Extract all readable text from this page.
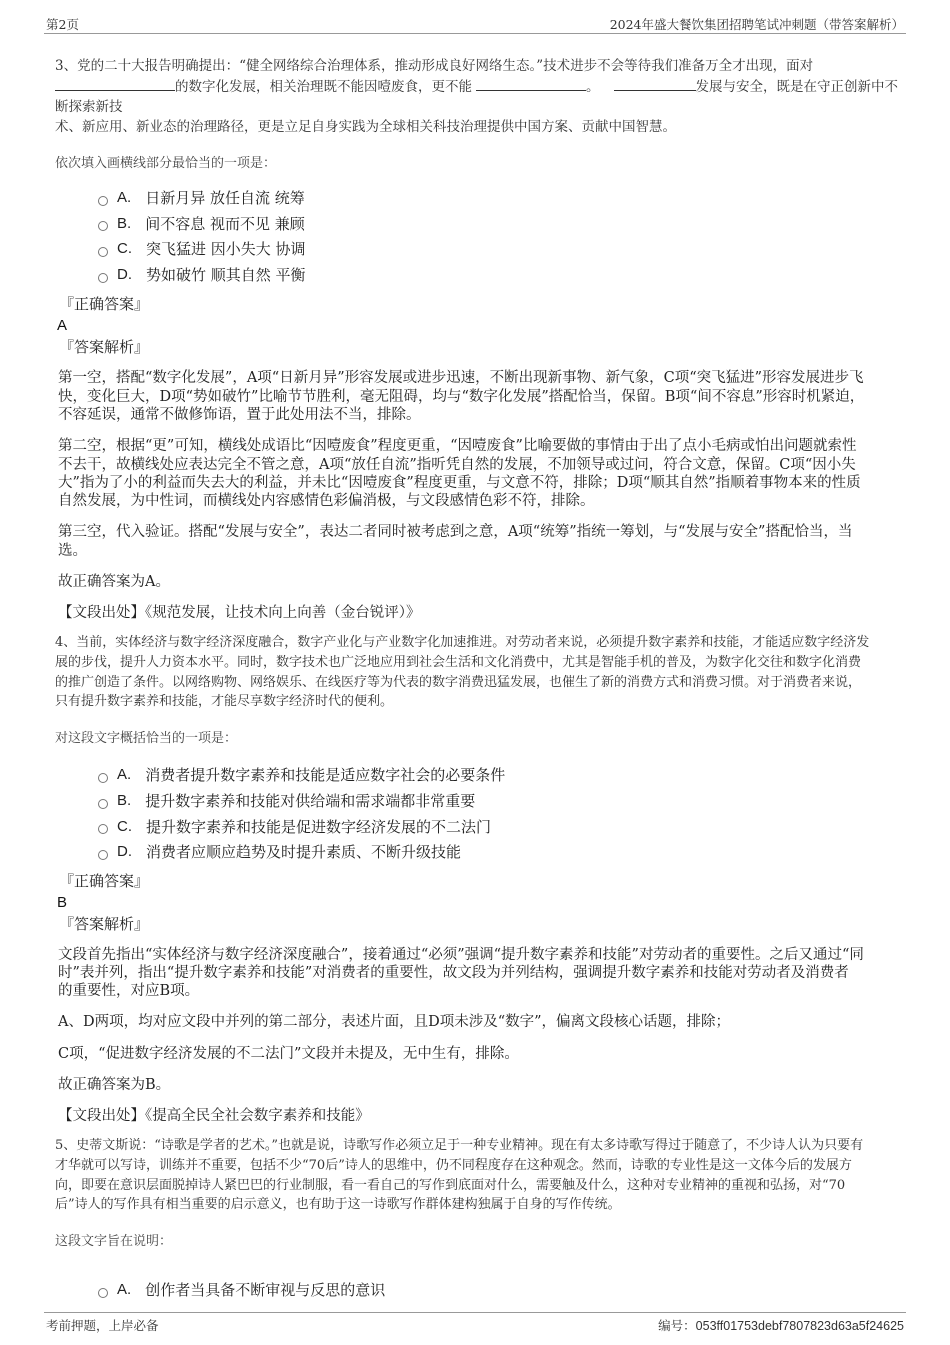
第2页	2024年盛大餐饮集团招聘笔试冲刺题（带答案解析）

3、党的二十大报告明确提出：“健全网络综合治理体系，推动形成良好网络生态。”技术进步不会等待我们准备万全才出现，面对
的数字化发展，相关治理既不能因噎废食，更不能	。	发展与安全，既是在守正创新中不断探索新技
术、新应用、新业态的治理路径，更是立足自身实践为全球相关科技治理提供中国方案、贡献中国智慧。

依次填入画横线部分最恰当的一项是：

A. 日新月异 放任自流 统筹
B. 间不容息 视而不见 兼顾
C. 突飞猛进 因小失大 协调
D. 势如破竹 顺其自然 平衡

『正确答案』

A

『答案解析』

第一空，搭配“数字化发展”，A项“日新月异”形容发展或进步迅速，不断出现新事物、新气象，C项“突飞猛进”形容发展进步飞
快，变化巨大，D项“势如破竹”比喻节节胜利，毫无阻碍，均与“数字化发展”搭配恰当，保留。B项“间不容息”形容时机紧迫，
不容延误，通常不做修饰语，置于此处用法不当，排除。

第二空，根据“更”可知，横线处成语比“因噎废食”程度更重，“因噎废食”比喻要做的事情由于出了点小毛病或怕出问题就索性
不去干，故横线处应表达完全不管之意，A项“放任自流”指听凭自然的发展，不加领导或过问，符合文意，保留。C项“因小失
大”指为了小的利益而失去大的利益，并未比“因噎废食”程度更重，与文意不符，排除；D项“顺其自然”指顺着事物本来的性质
自然发展，为中性词，而横线处内容感情色彩偏消极，与文段感情色彩不符，排除。

第三空，代入验证。搭配“发展与安全”，表达二者同时被考虑到之意，A项“统筹”指统一筹划，与“发展与安全”搭配恰当，当
选。

故正确答案为A。

【文段出处】《规范发展，让技术向上向善（金台锐评）》

4、当前，实体经济与数字经济深度融合，数字产业化与产业数字化加速推进。对劳动者来说，必须提升数字素养和技能，才能适应数字经济发
展的步伐，提升人力资本水平。同时，数字技术也广泛地应用到社会生活和文化消费中，尤其是智能手机的普及，为数字化交往和数字化消费
的推广创造了条件。以网络购物、网络娱乐、在线医疗等为代表的数字消费迅猛发展，也催生了新的消费方式和消费习惯。对于消费者来说，
只有提升数字素养和技能，才能尽享数字经济时代的便利。

对这段文字概括恰当的一项是：

A. 消费者提升数字素养和技能是适应数字社会的必要条件
B. 提升数字素养和技能对供给端和需求端都非常重要
C. 提升数字素养和技能是促进数字经济发展的不二法门
D. 消费者应顺应趋势及时提升素质、不断升级技能

『正确答案』

B

『答案解析』

文段首先指出“实体经济与数字经济深度融合”，接着通过“必须”强调“提升数字素养和技能”对劳动者的重要性。之后又通过“同
时”表并列，指出“提升数字素养和技能”对消费者的重要性，故文段为并列结构，强调提升数字素养和技能对劳动者及消费者
的重要性，对应B项。

A、D两项，均对应文段中并列的第二部分，表述片面，且D项未涉及“数字”，偏离文段核心话题，排除；

C项，“促进数字经济发展的不二法门”文段并未提及，无中生有，排除。

故正确答案为B。

【文段出处】《提高全民全社会数字素养和技能》

5、史蒂文斯说：“诗歌是学者的艺术。”也就是说，诗歌写作必须立足于一种专业精神。现在有太多诗歌写得过于随意了，不少诗人认为只要有
才华就可以写诗，训练并不重要，包括不少“70后”诗人的思维中，仍不同程度存在这种观念。然而，诗歌的专业性是这一文体今后的发展方
向，即要在意识层面脱掉诗人紧巴巴的行业制服，看一看自己的写作到底面对什么，需要触及什么，这种对专业精神的重视和弘扬，对“70
后”诗人的写作具有相当重要的启示意义，也有助于这一诗歌写作群体建构独属于自身的写作传统。

这段文字旨在说明：

A. 创作者当具备不断审视与反思的意识
考前押题，上岸必备	编号：053ff01753debf7807823d63a5f24625
